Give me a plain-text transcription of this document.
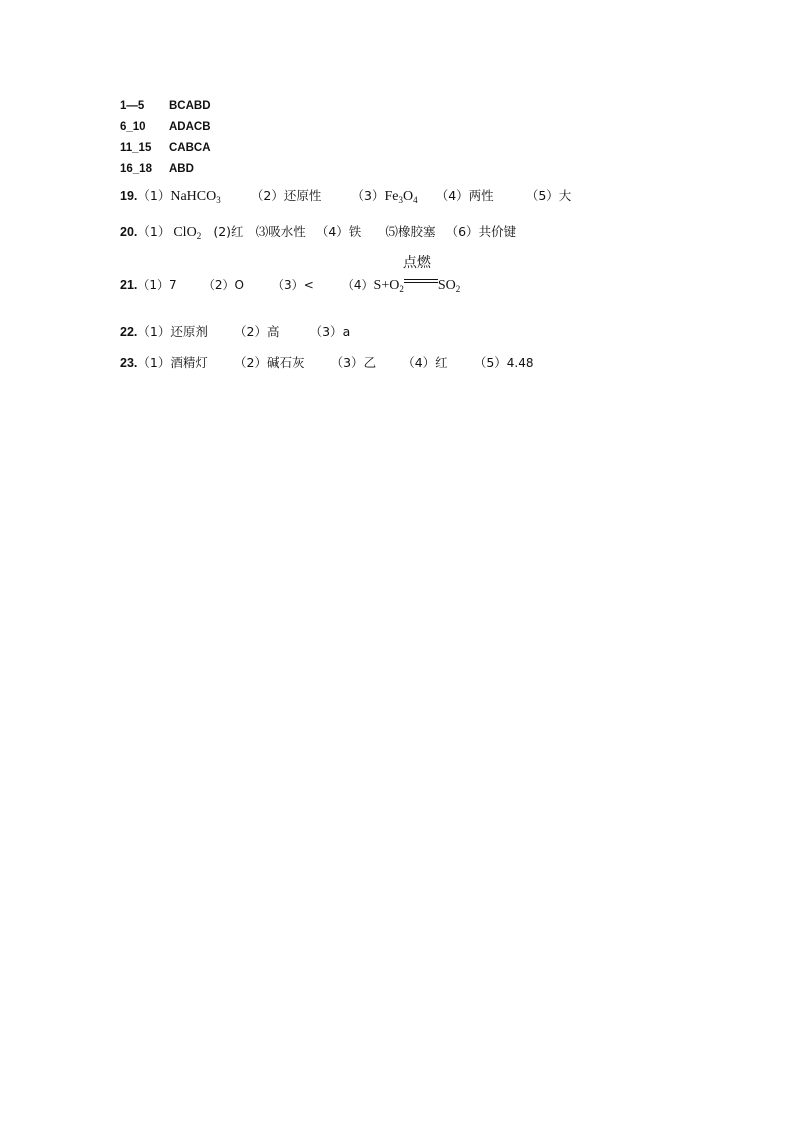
1—5 BCABD
6_10 ADACB
11_15 CABCA
16_18 ABD
19.（1）NaHCO$_3$ （2）还原性 $(3)Fe_3O_4$ （4）两性	（5）大
20.（1） ClO$_2$ (2)红 ⑶吸水性 （4）铁 ⑸橡胶塞 （6）共价键
21.（1）7 （2）O $(3)< (4)S+O_2$
点燃
$SO_2$
22.（1）还原剂 （2）高 （3）a
23.（1）酒精灯 （2）碱石灰 （3）乙 （4）红 （5）4.48
